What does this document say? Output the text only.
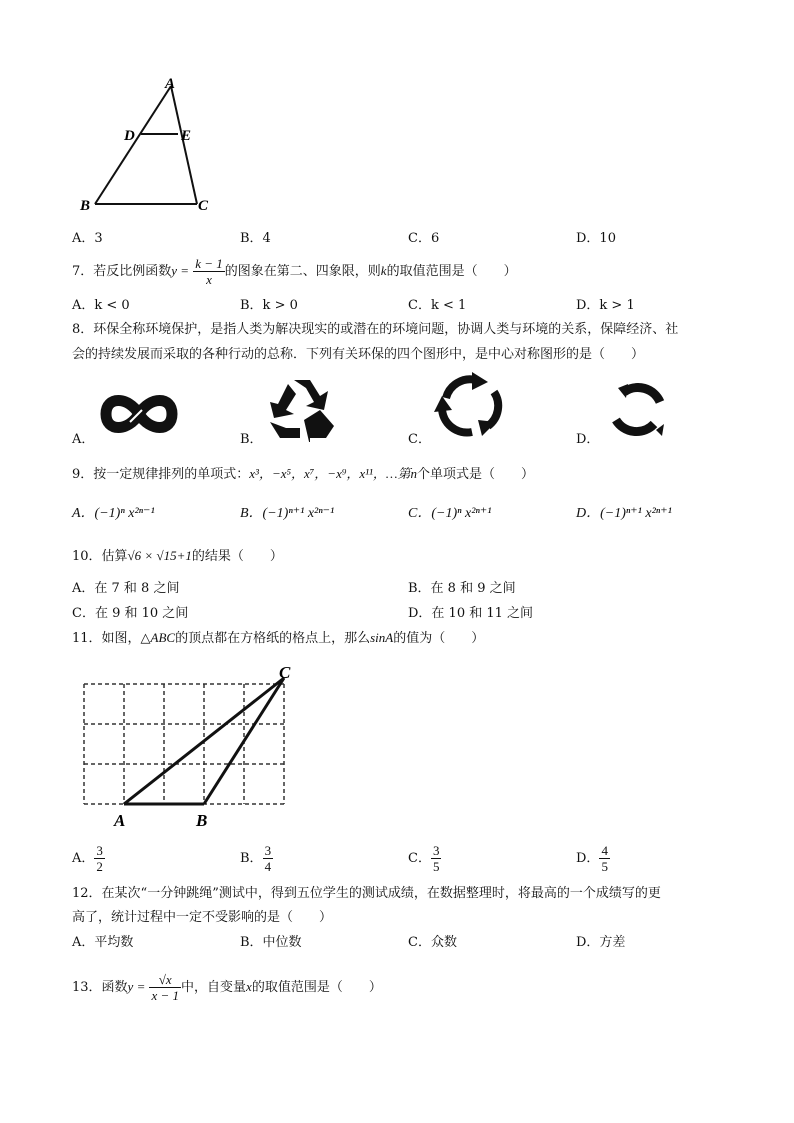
A
D	E
B	C
A．3	B．4	C．6	D．10
7．若反比例函数$y = \frac{k - 1}{x}$ 的图象在第二、四象限，则k的取值范围是（　　）
A．k < 0	B．k > 0	C．k < 1	D．k > 1
8．环保全称环境保护，是指人类为解决现实的或潜在的环境问题，协调人类与环境的关系，保障经济、社
会的持续发展而采取的各种行动的总称．下列有关环保的四个图形中，是中心对称图形的是（　　）
A．	B．	C．	D．
9．按一定规律排列的单项式：x³，−x⁵，x⁷，−x⁹，x¹¹，…第n个单项式是（　　）
A．(−1)ⁿ x²ⁿ⁻¹	B．(−1)ⁿ⁺¹ x²ⁿ⁻¹	C．(−1)ⁿ x²ⁿ⁺¹	D．(−1)ⁿ⁺¹ x²ⁿ⁺¹
10．估算√6 × √15+1的结果（　　）
A．在 7 和 8 之间	B．在 8 和 9 之间
C．在 9 和 10 之间	D．在 10 和 11 之间
11．如图，△ABC的顶点都在方格纸的格点上，那么sinA的值为（　　）
A	B
C
A． $\frac{3}{2}$	B． $\frac{3}{4}$	C． $\frac{3}{5}$	D． $\frac{4}{5}$
12．在某次“一分钟跳绳”测试中，得到五位学生的测试成绩，在数据整理时，将最高的一个成绩写的更
高了，统计过程中一定不受影响的是（　　）
A．平均数	B．中位数	C．众数	D．方差
13．函数$y = \frac{√x}{x - 1}$ 中，自变量x的取值范围是（　　）
